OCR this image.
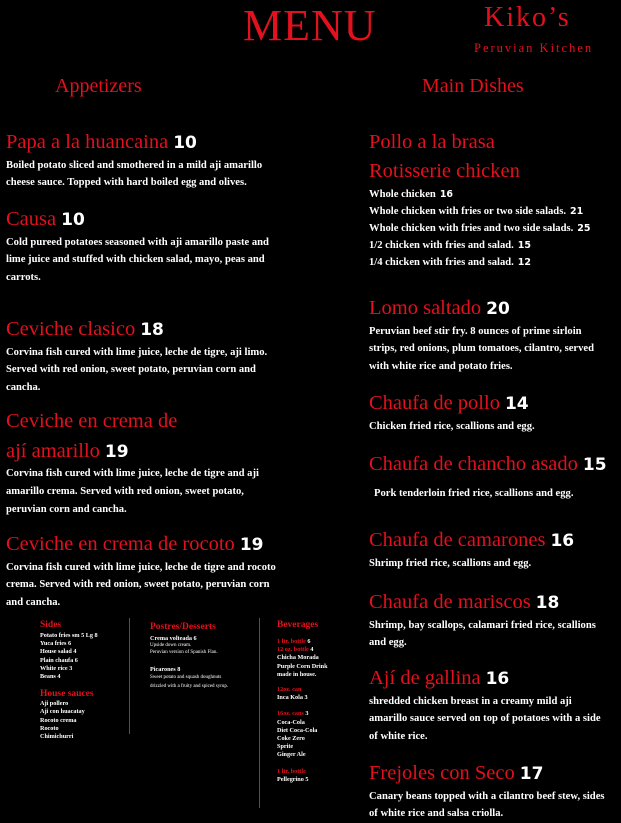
MENU	Kiko’s
Peruvian Kitchen
Appetizers	Main Dishes
Papa a la huancaina 10
Boiled potato sliced and smothered in a mild aji amarillo
cheese sauce. Topped with hard boiled egg and olives.
Causa 10
Cold pureed potatoes seasoned with aji amarillo paste and
lime juice and stuffed with chicken salad, mayo, peas and
carrots.
Ceviche clasico 18
Corvina fish cured with lime juice, leche de tigre, aji limo.
Served with red onion, sweet potato, peruvian corn and
cancha.
Ceviche en crema de
ají amarillo 19
Corvina fish cured with lime juice, leche de tigre and aji
amarillo crema. Served with red onion, sweet potato,
peruvian corn and cancha.
Ceviche en crema de rocoto 19
Corvina fish cured with lime juice, leche de tigre and rocoto
crema. Served with red onion, sweet potato, peruvian corn
and cancha.
Sides
Potato fries sm 5 Lg 8
Yuca fries 6
House salad 4
Plain chaufa 6
White rice 3
Beans 4
House sauces
Aji pollero
Aji con huacatay
Rocoto crema
Rocoto
Chimichurri
Postres/Desserts
Crema volteada 6
Upside down cream.
Peruvian version of Spanish Flan.
Picarones 8
Sweet potato and squash doughnuts
drizzled with a fruity and spiced syrup.
Beverages
1 ltr. bottle 6
12 oz. bottle 4
Chicha Morada
Purple Corn Drink
made in house.
12oz. can
Inca Kola 3
16oz. cans 3
Coca-Cola
Diet Coca-Cola
Coke Zero
Sprite
Ginger Ale
1 ltr. bottle
Pellegrino 5
Pollo a la brasa
Rotisserie chicken
Whole chicken 16
Whole chicken with fries or two side salads. 21
Whole chicken with fries and two side salads. 25
1/2 chicken with fries and salad. 15
1/4 chicken with fries and salad. 12
Lomo saltado 20
Peruvian beef stir fry. 8 ounces of prime sirloin
strips, red onions, plum tomatoes, cilantro, served
with white rice and potato fries.
Chaufa de pollo 14
Chicken fried rice, scallions and egg.
Chaufa de chancho asado 15
Pork tenderloin fried rice, scallions and egg.
Chaufa de camarones 16
Shrimp fried rice, scallions and egg.
Chaufa de mariscos 18
Shrimp, bay scallops, calamari fried rice, scallions
and egg.
Ají de gallina 16
shredded chicken breast in a creamy mild aji
amarillo sauce served on top of potatoes with a side
of white rice.
Frejoles con Seco 17
Canary beans topped with a cilantro beef stew, sides
of white rice and salsa criolla.
